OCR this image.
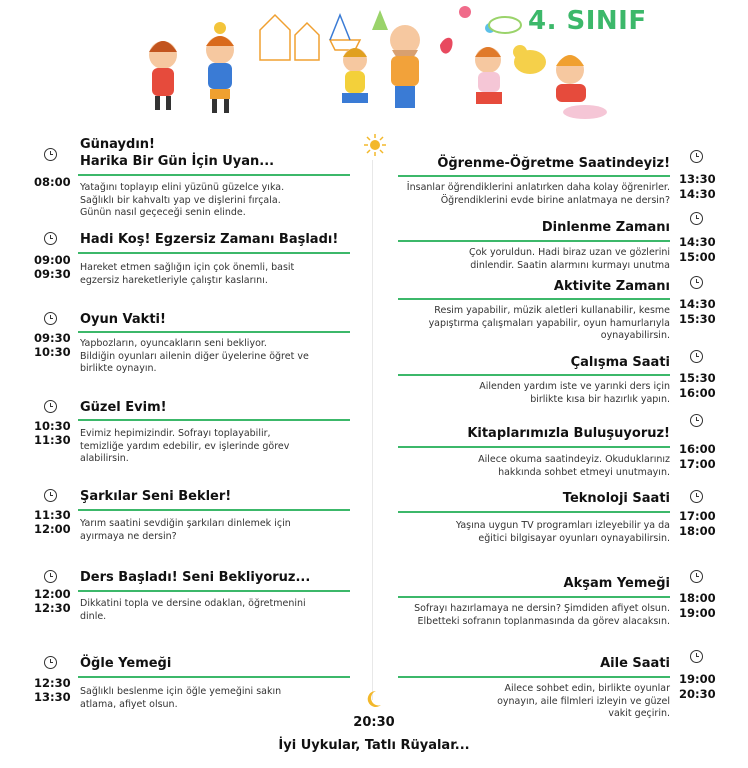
4. SINIF
Günaydın!
Harika Bir Gün İçin Uyan...
08:00 Yatağını toplayıp elini yüzünü güzelce yıka.
Sağlıklı bir kahvaltı yap ve dişlerini fırçala.
Günün nasıl geçeceği senin elinde.
Hadi Koş! Egzersiz Zamanı Başladı!
09:00
09:30 Hareket etmen sağlığın için çok önemli, basit
egzersiz hareketleriyle çalıştır kaslarını.
Oyun Vakti!
09:30
10:30
Yapbozların, oyuncakların seni bekliyor.
Bildiğin oyunları ailenin diğer üyelerine öğret ve
birlikte oynayın.
Güzel Evim!
10:30
11:30 Evimiz hepimizindir. Sofrayı toplayabilir,
temizliğe yardım edebilir, ev işlerinde görev
alabilirsin.
Şarkılar Seni Bekler!
11:30
12:00 Yarım saatini sevdiğin şarkıları dinlemek için
ayırmaya ne dersin?
Ders Başladı! Seni Bekliyoruz...
12:00
12:30 Dikkatini topla ve dersine odaklan, öğretmenini
dinle.
Öğle Yemeği
12:30
13:30 Sağlıklı beslenme için öğle yemeğini sakın
atlama, afiyet olsun.
Öğrenme-Öğretme Saatindeyiz!
13:30
14:30
İnsanlar öğrendiklerini anlatırken daha kolay öğrenirler.
Öğrendiklerini evde birine anlatmaya ne dersin?
Dinlenme Zamanı
14:30
15:00
Çok yoruldun. Hadi biraz uzan ve gözlerini
dinlendir. Saatin alarmını kurmayı unutma
Aktivite Zamanı
14:30
15:30
Resim yapabilir, müzik aletleri kullanabilir, kesme
yapıştırma çalışmaları yapabilir, oyun hamurlarıyla
oynayabilirsin.
Çalışma Saati
15:30
16:00
Ailenden yardım iste ve yarınki ders için
birlikte kısa bir hazırlık yapın.
Kitaplarımızla Buluşuyoruz!
16:00
17:00
Ailece okuma saatindeyiz. Okuduklarınız
hakkında sohbet etmeyi unutmayın.
Teknoloji Saati
17:00
18:00
Yaşına uygun TV programları izleyebilir ya da
eğitici bilgisayar oyunları oynayabilirsin.
Akşam Yemeği
18:00
19:00
Sofrayı hazırlamaya ne dersin? Şimdiden afiyet olsun.
Elbetteki sofranın toplanmasında da görev alacaksın.
Aile Saati
19:00
20:30
Ailece sohbet edin, birlikte oyunlar
oynayın, aile filmleri izleyin ve güzel
vakit geçirin.
20:30
İyi Uykular, Tatlı Rüyalar...
